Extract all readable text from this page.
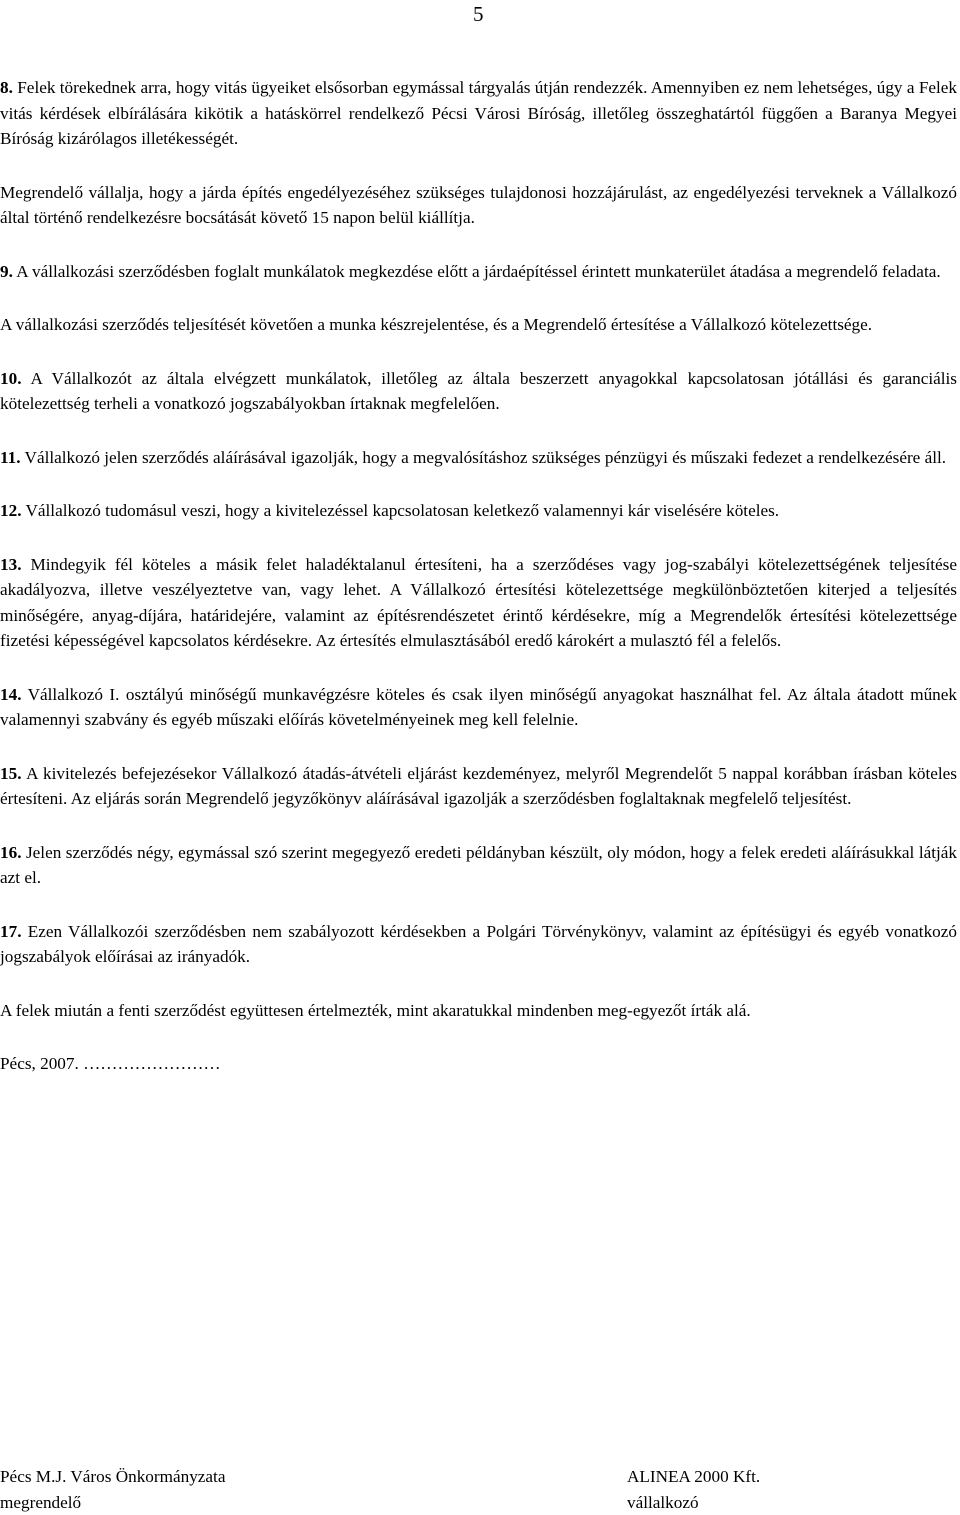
5

8. Felek törekednek arra, hogy vitás ügyeiket elsősorban egymással tárgyalás útján rendezzék. Amennyiben ez nem lehetséges, úgy a Felek vitás kérdések elbírálására kikötik a hatáskörrel rendelkező Pécsi Városi Bíróság, illetőleg összeghatártól függően a Baranya Megyei Bíróság kizárólagos illetékességét.

Megrendelő vállalja, hogy a járda építés engedélyezéséhez szükséges tulajdonosi hozzájárulást, az engedélyezési terveknek a Vállalkozó által történő rendelkezésre bocsátását követő 15 napon belül kiállítja.

9. A vállalkozási szerződésben foglalt munkálatok megkezdése előtt a járdaépítéssel érintett munkaterület átadása a megrendelő feladata.

A vállalkozási szerződés teljesítését követően a munka készrejelentése, és a Megrendelő értesítése a Vállalkozó kötelezettsége.

10. A Vállalkozót az általa elvégzett munkálatok, illetőleg az általa beszerzett anyagokkal kapcsolatosan jótállási és garanciális kötelezettség terheli a vonatkozó jogszabályokban írtaknak megfelelően.

11. Vállalkozó jelen szerződés aláírásával igazolják, hogy a megvalósításhoz szükséges pénzügyi és műszaki fedezet a rendelkezésére áll.

12. Vállalkozó tudomásul veszi, hogy a kivitelezéssel kapcsolatosan keletkező valamennyi kár viselésére köteles.

13. Mindegyik fél köteles a másik felet haladéktalanul értesíteni, ha a szerződéses vagy jog-szabályi kötelezettségének teljesítése akadályozva, illetve veszélyeztetve van, vagy lehet. A Vállalkozó értesítési kötelezettsége megkülönböztetően kiterjed a teljesítés minőségére, anyag-díjára, határidejére, valamint az építésrendészetet érintő kérdésekre, míg a Megrendelők értesítési kötelezettsége fizetési képességével kapcsolatos kérdésekre. Az értesítés elmulasztásából eredő károkért a mulasztó fél a felelős.

14. Vállalkozó I. osztályú minőségű munkavégzésre köteles és csak ilyen minőségű anyagokat használhat fel. Az általa átadott műnek valamennyi szabvány és egyéb műszaki előírás követelményeinek meg kell felelnie.

15. A kivitelezés befejezésekor Vállalkozó átadás-átvételi eljárást kezdeményez, melyről Megrendelőt 5 nappal korábban írásban köteles értesíteni. Az eljárás során Megrendelő jegyzőkönyv aláírásával igazolják a szerződésben foglaltaknak megfelelő teljesítést.

16. Jelen szerződés négy, egymással szó szerint megegyező eredeti példányban készült, oly módon, hogy a felek eredeti aláírásukkal látják azt el.

17. Ezen Vállalkozói szerződésben nem szabályozott kérdésekben a Polgári Törvénykönyv, valamint az építésügyi és egyéb vonatkozó jogszabályok előírásai az irányadók.

A felek miután a fenti szerződést együttesen értelmezték, mint akaratukkal mindenben meg-egyezőt írták alá.

Pécs, 2007. ……………………

Pécs M.J. Város Önkormányzata
megrendelő
ALINEA 2000 Kft.
vállalkozó
